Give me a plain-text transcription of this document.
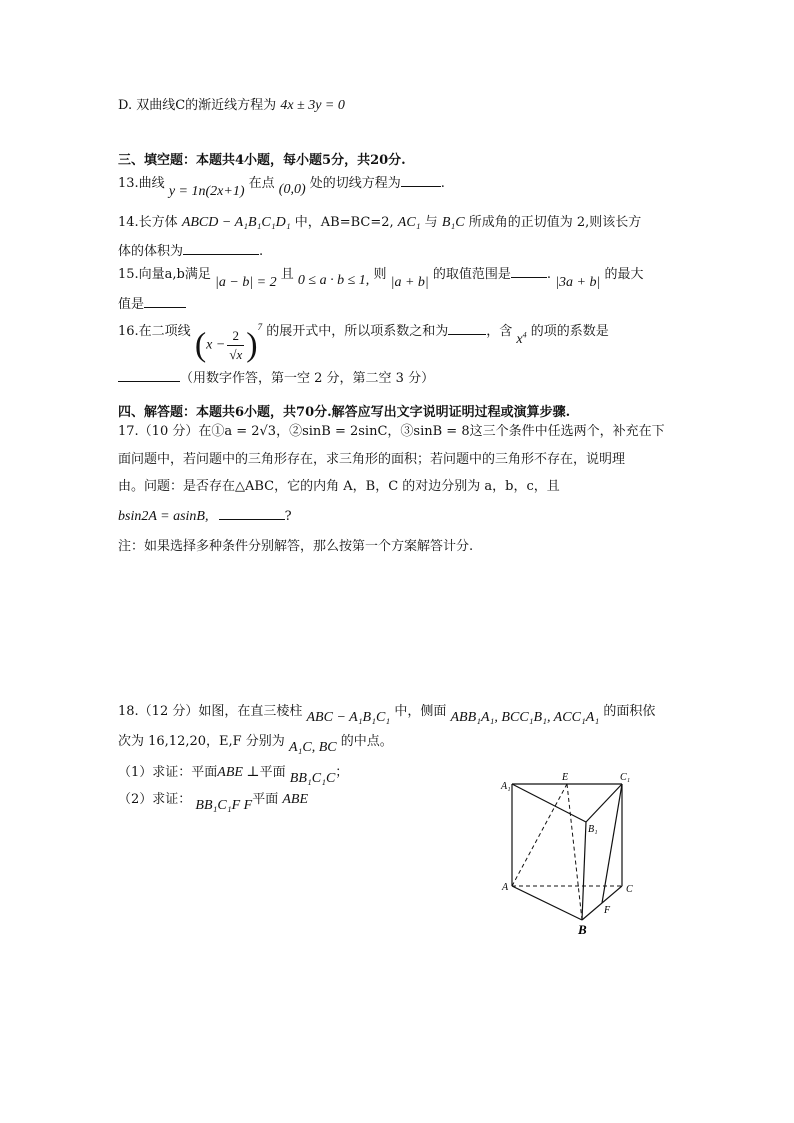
D. 双曲线C的渐近线方程为 4x ± 3y = 0
三、填空题：本题共4小题，每小题5分，共20分.
13.曲线 y = 1n(2x+1) 在点 (0,0) 处的切线方程为	.
14.长方体 ABCD − A₁B₁C₁D₁ 中，AB=BC=2, AC₁ 与 B₁C 所成角的正切值为 2,则该长方
体的体积为	.
15.向量a,b满足 |a − b| = 2 且 0 ≤ a · b ≤ 1, 则 |a + b| 的取值范围是	. |3a + b| 的最大
值是
16.在二项线 $(x - \frac{2}{√x} )^7$ 的展开式中，所以项系数之和为	，含 $x^4$ 的项的系数是
（用数字作答，第一空 2 分，第二空 3 分）
四、解答题：本题共6小题，共70分.解答应写出文字说明证明过程或演算步骤.
17.（10 分）在①a = 2√3，②sinB = 2sinC，③sinB = 8这三个条件中任选两个，补充在下
面问题中，若问题中的三角形存在，求三角形的面积；若问题中的三角形不存在，说明理
由。问题：是否存在△ABC，它的内角 A，B，C 的对边分别为 a，b，c，且
bsin2A = asinB,	?
注：如果选择多种条件分别解答，那么按第一个方案解答计分.
18.（12 分）如图，在直三棱柱 ABC − A₁B₁C₁ 中，侧面 ABB₁A₁, BCC₁B₁, ACC₁A₁ 的面积依
次为 16,12,20，E,F 分别为 A₁C, BC 的中点。
（1）求证：平面ABE ⊥平面 BB₁C₁C；
（2）求证： BB₁C₁F F平面 ABE
A₁
E	C₁
B₁
A	C
F
B
